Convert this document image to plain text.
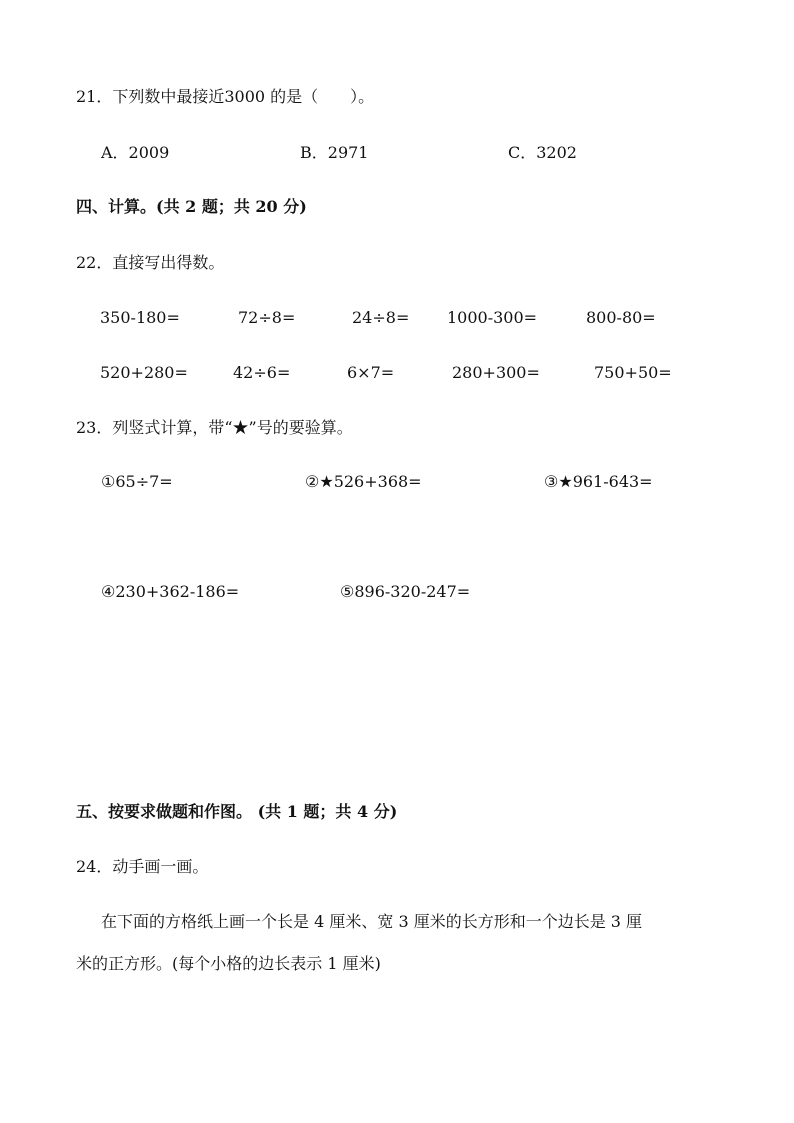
21．下列数中最接近3000 的是（　　）。
A．2009	B．2971	C．3202
四、计算。(共 2 题；共 20 分)
22．直接写出得数。
350-180=	72÷8=	24÷8= 1000-300=	800-80=
520+280=	42÷6=	6×7=	280+300=	750+50=
23．列竖式计算，带“★”号的要验算。
①65÷7=	②★526+368=	③★961-643=
④230+362-186=	⑤896-320-247=
五、按要求做题和作图。 (共 1 题；共 4 分)
24．动手画一画。
在下面的方格纸上画一个长是 4 厘米、宽 3 厘米的长方形和一个边长是 3 厘
米的正方形。(每个小格的边长表示 1 厘米)
